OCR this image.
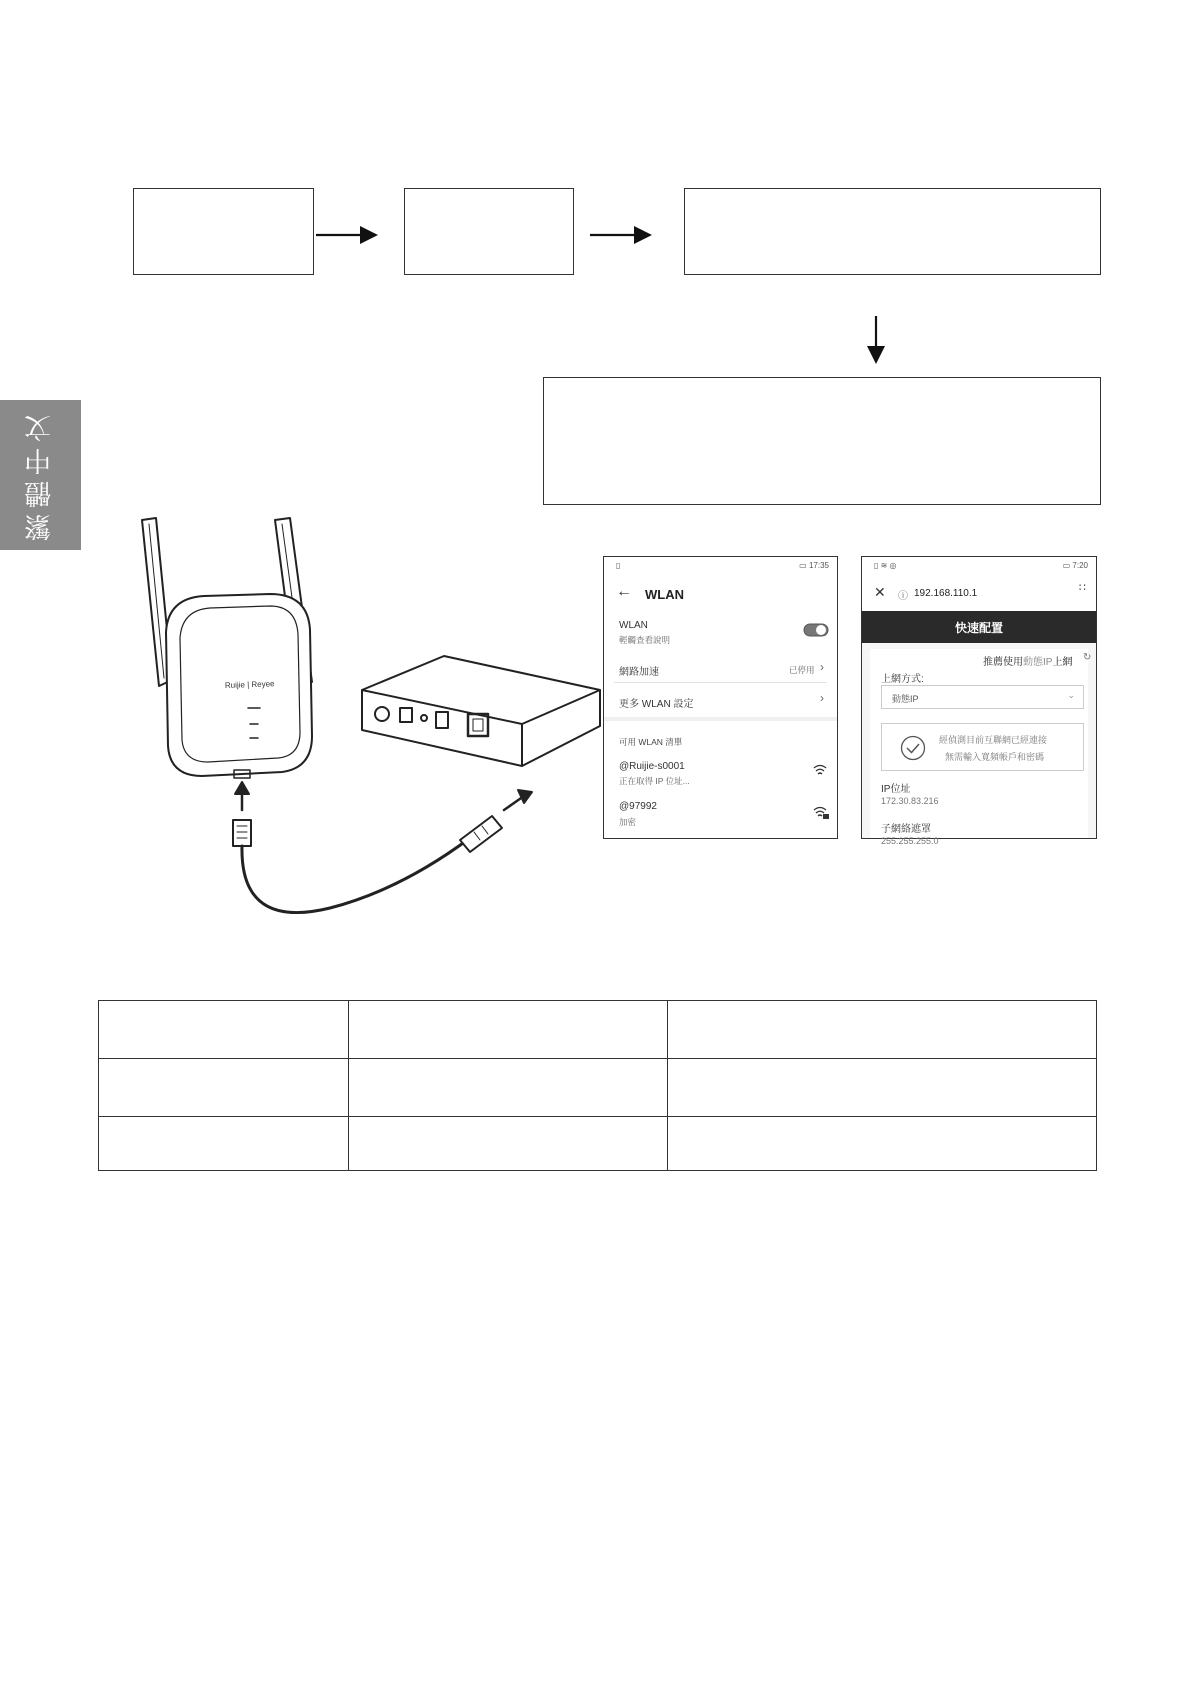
繁體中文
Ruijie | Reyee
▯	▭ 17:35
← WLAN
WLAN
輕觸查看說明
網路加速	已停用 ›
更多 WLAN 設定	›
可用 WLAN 清單
@Ruijie-s0001
正在取得 IP 位址...
@97992
加密
▯ ≋ ◎	▭ 7:20
✕ ⓘ 192.168.110.1	∷
快速配置
推薦使用動態IP上網 ↻
上網方式:
動態IP	⌄
經偵測目前互聯網已經連接
無需輸入寬頻帳戶和密碼
IP位址
172.30.83.216
子網絡遮罩
255.255.255.0
